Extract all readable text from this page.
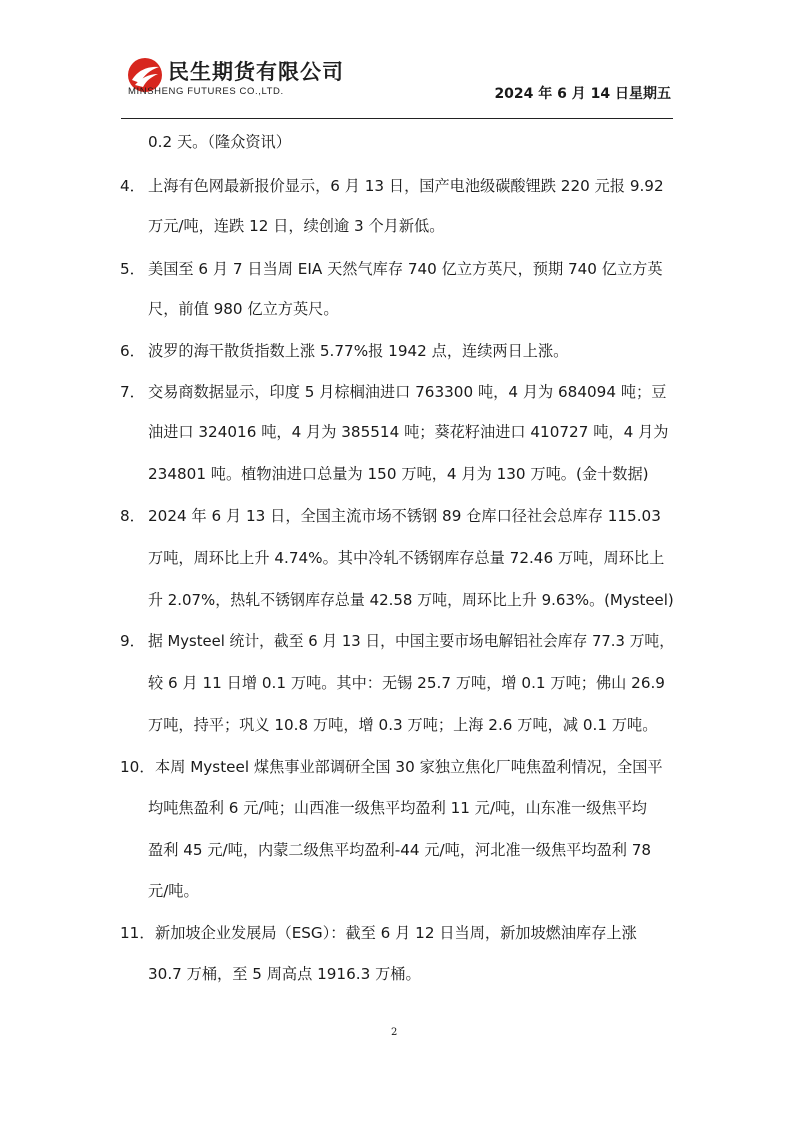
民生期货有限公司
MINSHENG FUTURES CO.,LTD.	2024 年 6 月 14 日星期五
0.2 天。（隆众资讯）
4． 上海有色网最新报价显示，6 月 13 日，国产电池级碳酸锂跌 220 元报 9.92
万元/吨，连跌 12 日，续创逾 3 个月新低。
5． 美国至 6 月 7 日当周 EIA 天然气库存 740 亿立方英尺，预期 740 亿立方英
尺，前值 980 亿立方英尺。
6． 波罗的海干散货指数上涨 5.77%报 1942 点，连续两日上涨。
7． 交易商数据显示，印度 5 月棕榈油进口 763300 吨，4 月为 684094 吨；豆
油进口 324016 吨，4 月为 385514 吨；葵花籽油进口 410727 吨，4 月为
234801 吨。植物油进口总量为 150 万吨，4 月为 130 万吨。(金十数据)
8． 2024 年 6 月 13 日，全国主流市场不锈钢 89 仓库口径社会总库存 115.03
万吨，周环比上升 4.74%。其中冷轧不锈钢库存总量 72.46 万吨，周环比上
升 2.07%，热轧不锈钢库存总量 42.58 万吨，周环比上升 9.63%。(Mysteel)
9． 据 Mysteel 统计，截至 6 月 13 日，中国主要市场电解铝社会库存 77.3 万吨，
较 6 月 11 日增 0.1 万吨。其中：无锡 25.7 万吨，增 0.1 万吨；佛山 26.9
万吨，持平；巩义 10.8 万吨，增 0.3 万吨；上海 2.6 万吨，减 0.1 万吨。
10． 本周 Mysteel 煤焦事业部调研全国 30 家独立焦化厂吨焦盈利情况，全国平
均吨焦盈利 6 元/吨；山西准一级焦平均盈利 11 元/吨，山东准一级焦平均
盈利 45 元/吨，内蒙二级焦平均盈利-44 元/吨，河北准一级焦平均盈利 78
元/吨。
11． 新加坡企业发展局（ESG）：截至 6 月 12 日当周，新加坡燃油库存上涨
30.7 万桶，至 5 周高点 1916.3 万桶。
2
